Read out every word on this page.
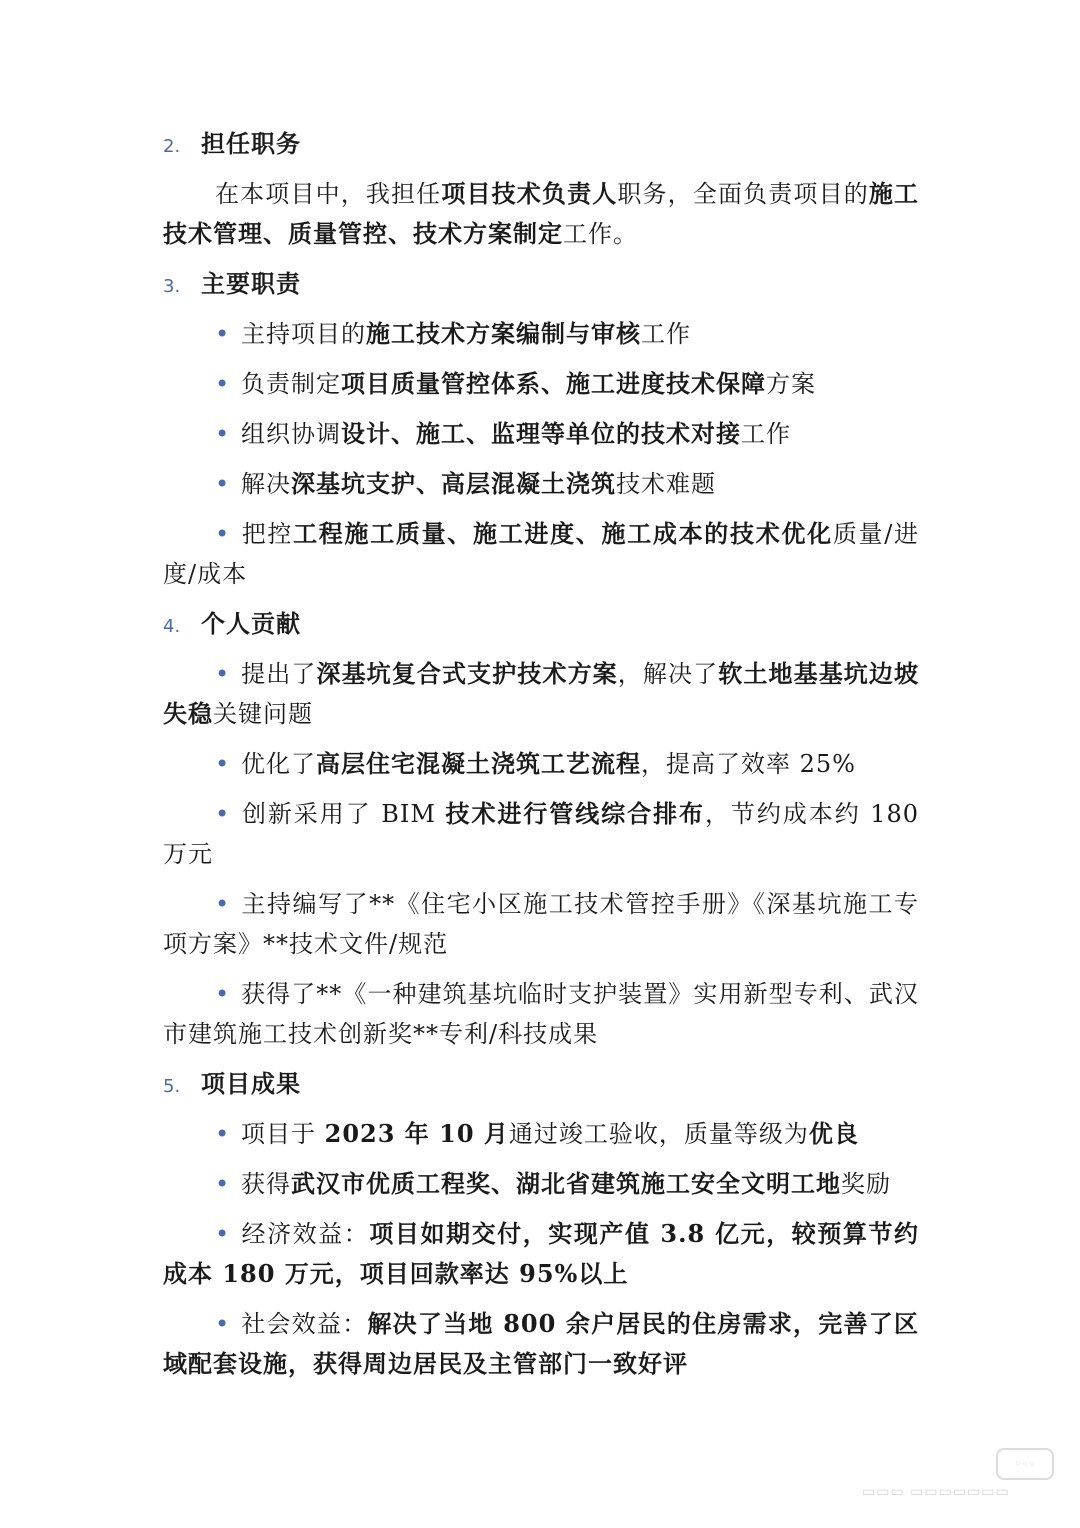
2. 担任职务
在本项目中，我担任项目技术负责人职务，全面负责项目的施工技术管理、质量管控、技术方案制定工作。
3. 主要职责
• 主持项目的施工技术方案编制与审核工作
• 负责制定项目质量管控体系、施工进度技术保障方案
• 组织协调设计、施工、监理等单位的技术对接工作
• 解决深基坑支护、高层混凝土浇筑技术难题
• 把控工程施工质量、施工进度、施工成本的技术优化质量/进度/成本
4. 个人贡献
• 提出了深基坑复合式支护技术方案，解决了软土地基基坑边坡失稳关键问题
• 优化了高层住宅混凝土浇筑工艺流程，提高了效率 25%
• 创新采用了 BIM 技术进行管线综合排布，节约成本约 180 万元
• 主持编写了**《住宅小区施工技术管控手册》《深基坑施工专项方案》**技术文件/规范
• 获得了**《一种建筑基坑临时支护装置》实用新型专利、武汉市建筑施工技术创新奖**专利/科技成果
5. 项目成果
• 项目于 2023 年 10 月通过竣工验收，质量等级为优良
• 获得武汉市优质工程奖、湖北省建筑施工安全文明工地奖励
• 经济效益：项目如期交付，实现产值 3.8 亿元，较预算节约成本 180 万元，项目回款率达 95%以上
• 社会效益：解决了当地 800 余户居民的住房需求，完善了区域配套设施，获得周边居民及主管部门一致好评
◦◦◦
▭▭▭ ▭▭▭▭▭▭▭
